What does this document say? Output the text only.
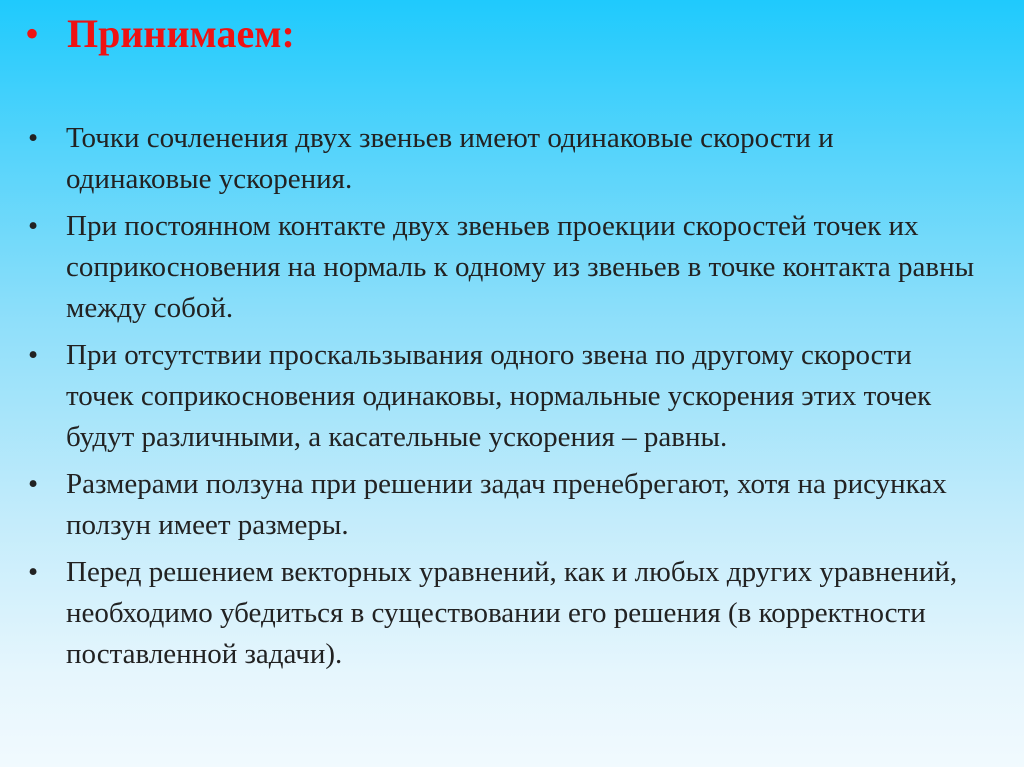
• Принимаем:
• Точки сочленения двух звеньев имеют одинаковые скорости и одинаковые ускорения.
• При постоянном контакте двух звеньев проекции скоростей точек их соприкосновения на нормаль к одному из звеньев в точке контакта равны между собой.
• При отсутствии проскальзывания одного звена по другому скорости точек соприкосновения одинаковы, нормальные ускорения этих точек будут различными, а касательные ускорения – равны.
• Размерами ползуна при решении задач пренебрегают, хотя на рисунках ползун имеет размеры.
• Перед решением векторных уравнений, как и любых других уравнений, необходимо убедиться в существовании его решения (в корректности поставленной задачи).
